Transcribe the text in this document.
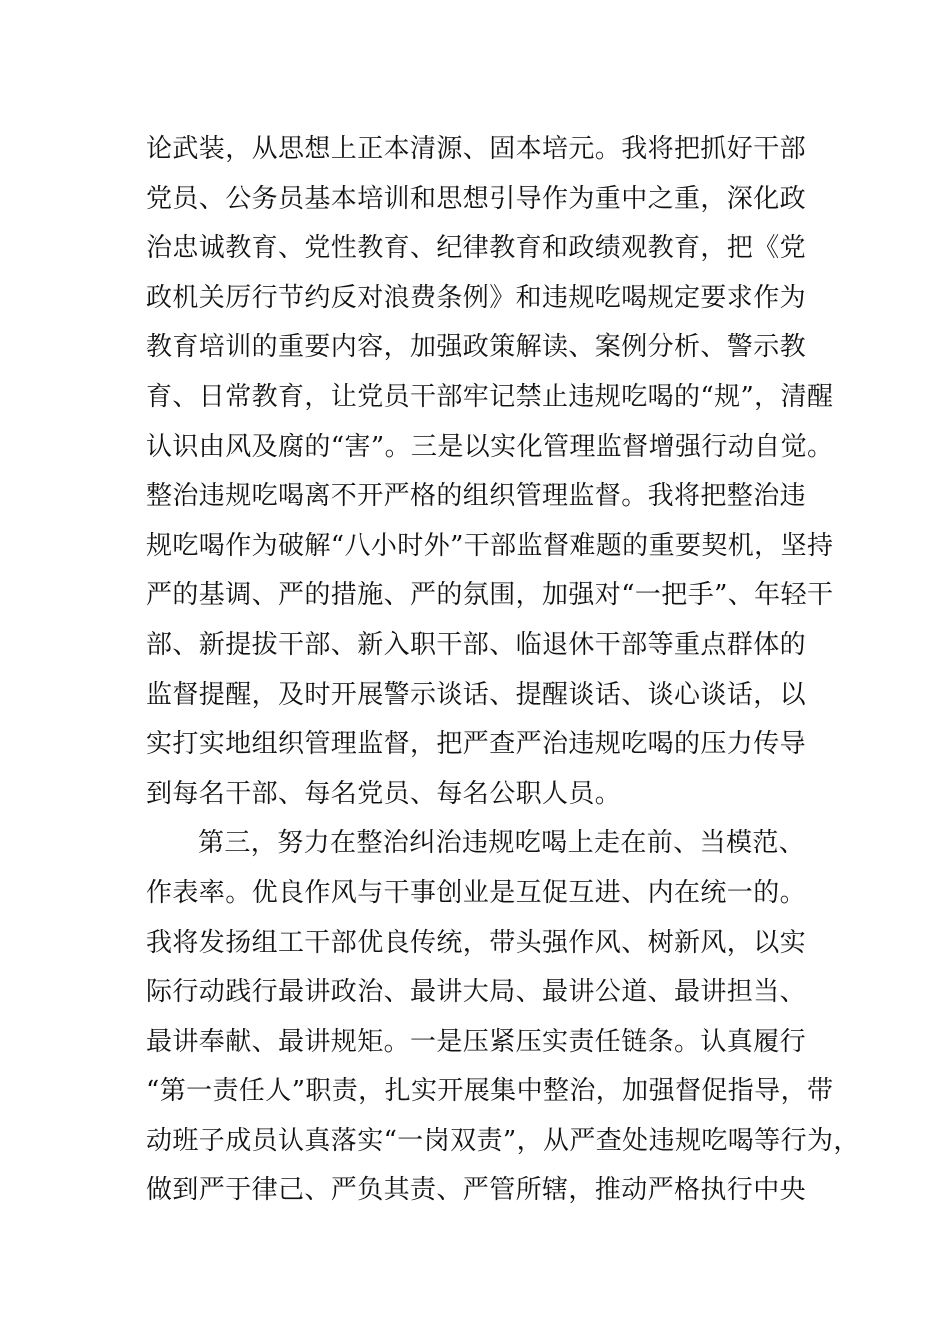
论武装，从思想上正本清源、固本培元。我将把抓好干部
党员、公务员基本培训和思想引导作为重中之重，深化政
治忠诚教育、党性教育、纪律教育和政绩观教育，把《党
政机关厉行节约反对浪费条例》和违规吃喝规定要求作为
教育培训的重要内容，加强政策解读、案例分析、警示教
育、日常教育，让党员干部牢记禁止违规吃喝的“规”，清醒
认识由风及腐的“害”。三是以实化管理监督增强行动自觉。
整治违规吃喝离不开严格的组织管理监督。我将把整治违
规吃喝作为破解“八小时外”干部监督难题的重要契机，坚持
严的基调、严的措施、严的氛围，加强对“一把手”、年轻干
部、新提拔干部、新入职干部、临退休干部等重点群体的
监督提醒，及时开展警示谈话、提醒谈话、谈心谈话，以
实打实地组织管理监督，把严查严治违规吃喝的压力传导
到每名干部、每名党员、每名公职人员。
第三，努力在整治纠治违规吃喝上走在前、当模范、
作表率。优良作风与干事创业是互促互进、内在统一的。
我将发扬组工干部优良传统，带头强作风、树新风，以实
际行动践行最讲政治、最讲大局、最讲公道、最讲担当、
最讲奉献、最讲规矩。一是压紧压实责任链条。认真履行
“第一责任人”职责，扎实开展集中整治，加强督促指导，带
动班子成员认真落实“一岗双责”，从严查处违规吃喝等行为，
做到严于律己、严负其责、严管所辖，推动严格执行中央
